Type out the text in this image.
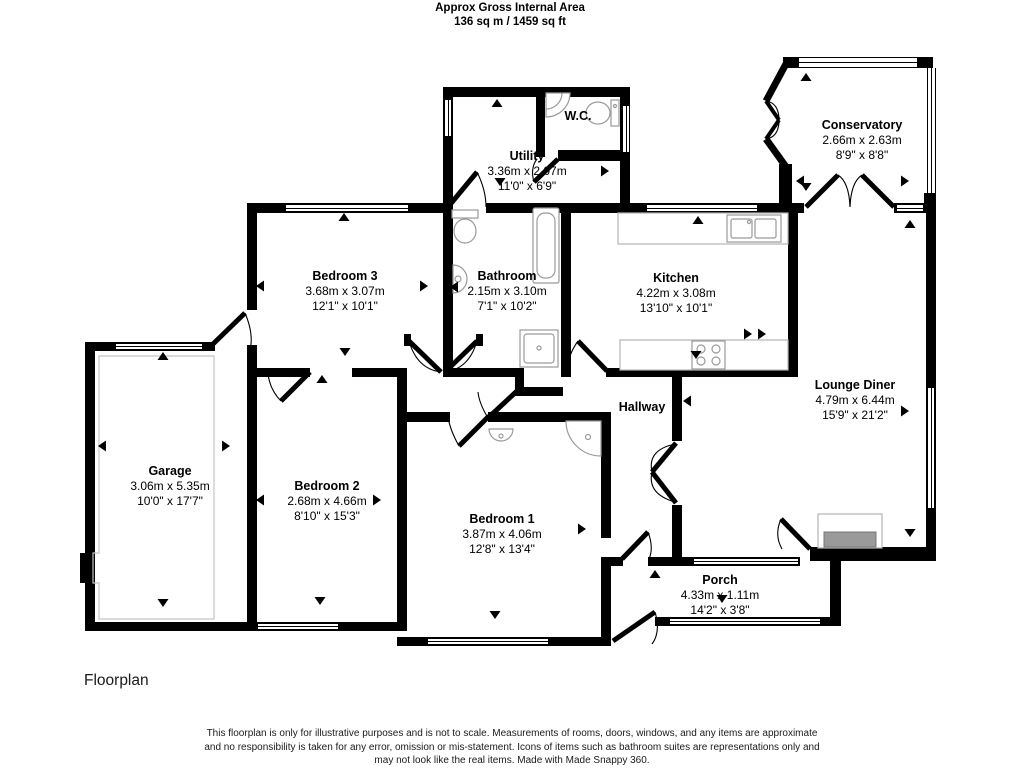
Approx Gross Internal Area
136 sq m / 1459 sq ft
Utility
3.36m x 2.07m
11'0" x 6'9"
W.C.
Conservatory
2.66m x 2.63m
8'9" x 8'8"
Bedroom 3
3.68m x 3.07m
12'1" x 10'1"
Bathroom
2.15m x 3.10m
7'1" x 10'2"
Kitchen
4.22m x 3.08m
13'10" x 10'1"
Lounge Diner
4.79m x 6.44m
15'9" x 21'2"
Hallway
Garage
3.06m x 5.35m
10'0" x 17'7"
Bedroom 2
2.68m x 4.66m
8'10" x 15'3"	Bedroom 1
3.87m x 4.06m
12'8" x 13'4"
Porch
4.33m x 1.11m
14'2" x 3'8"
Floorplan
This floorplan is only for illustrative purposes and is not to scale. Measurements of rooms, doors, windows, and any items are approximate
and no responsibility is taken for any error, omission or mis-statement. Icons of items such as bathroom suites are representations only and
may not look like the real items. Made with Made Snappy 360.
